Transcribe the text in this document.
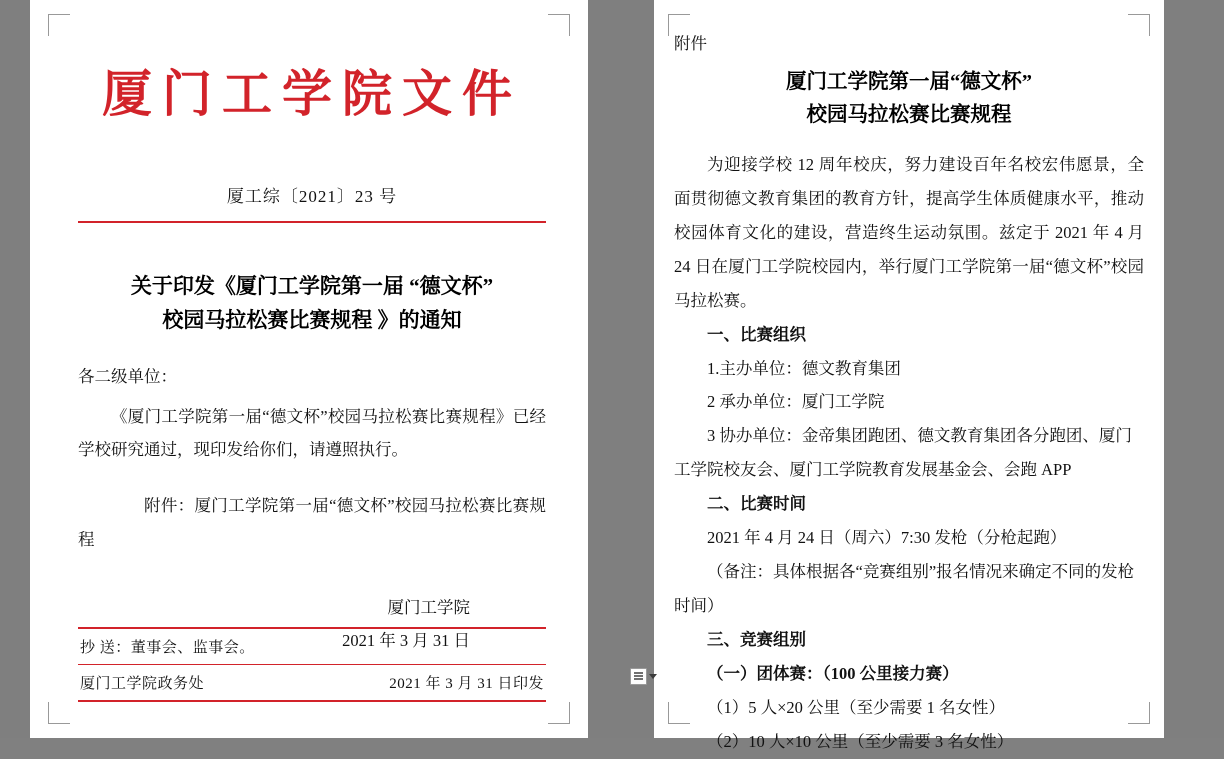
厦门工学院文件
厦工综〔2021〕23 号
关于印发《厦门工学院第一届 “德文杯”
校园马拉松赛比赛规程 》的通知
各二级单位：
《厦门工学院第一届“德文杯”校园马拉松赛比赛规程》已经学校研究通过，现印发给你们，请遵照执行。
附件：厦门工学院第一届“德文杯”校园马拉松赛比赛规程
厦门工学院
2021 年 3 月 31 日
抄 送：董事会、监事会。
厦门工学院政务处	2021 年 3 月 31 日印发
附件
厦门工学院第一届“德文杯”
校园马拉松赛比赛规程
为迎接学校 12 周年校庆，努力建设百年名校宏伟愿景，全面贯彻德文教育集团的教育方针，提高学生体质健康水平，推动校园体育文化的建设，营造终生运动氛围。兹定于 2021 年 4 月 24 日在厦门工学院校园内，举行厦门工学院第一届“德文杯”校园马拉松赛。
一、比赛组织
1.主办单位：德文教育集团
2 承办单位：厦门工学院
3 协办单位：金帝集团跑团、德文教育集团各分跑团、厦门工学院校友会、厦门工学院教育发展基金会、会跑 APP
二、比赛时间
2021 年 4 月 24 日（周六）7:30 发枪（分枪起跑）
（备注：具体根据各“竞赛组别”报名情况来确定不同的发枪时间）
三、竞赛组别
（一）团体赛：（100 公里接力赛）
（1）5 人×20 公里（至少需要 1 名女性）
（2）10 人×10 公里（至少需要 3 名女性）
